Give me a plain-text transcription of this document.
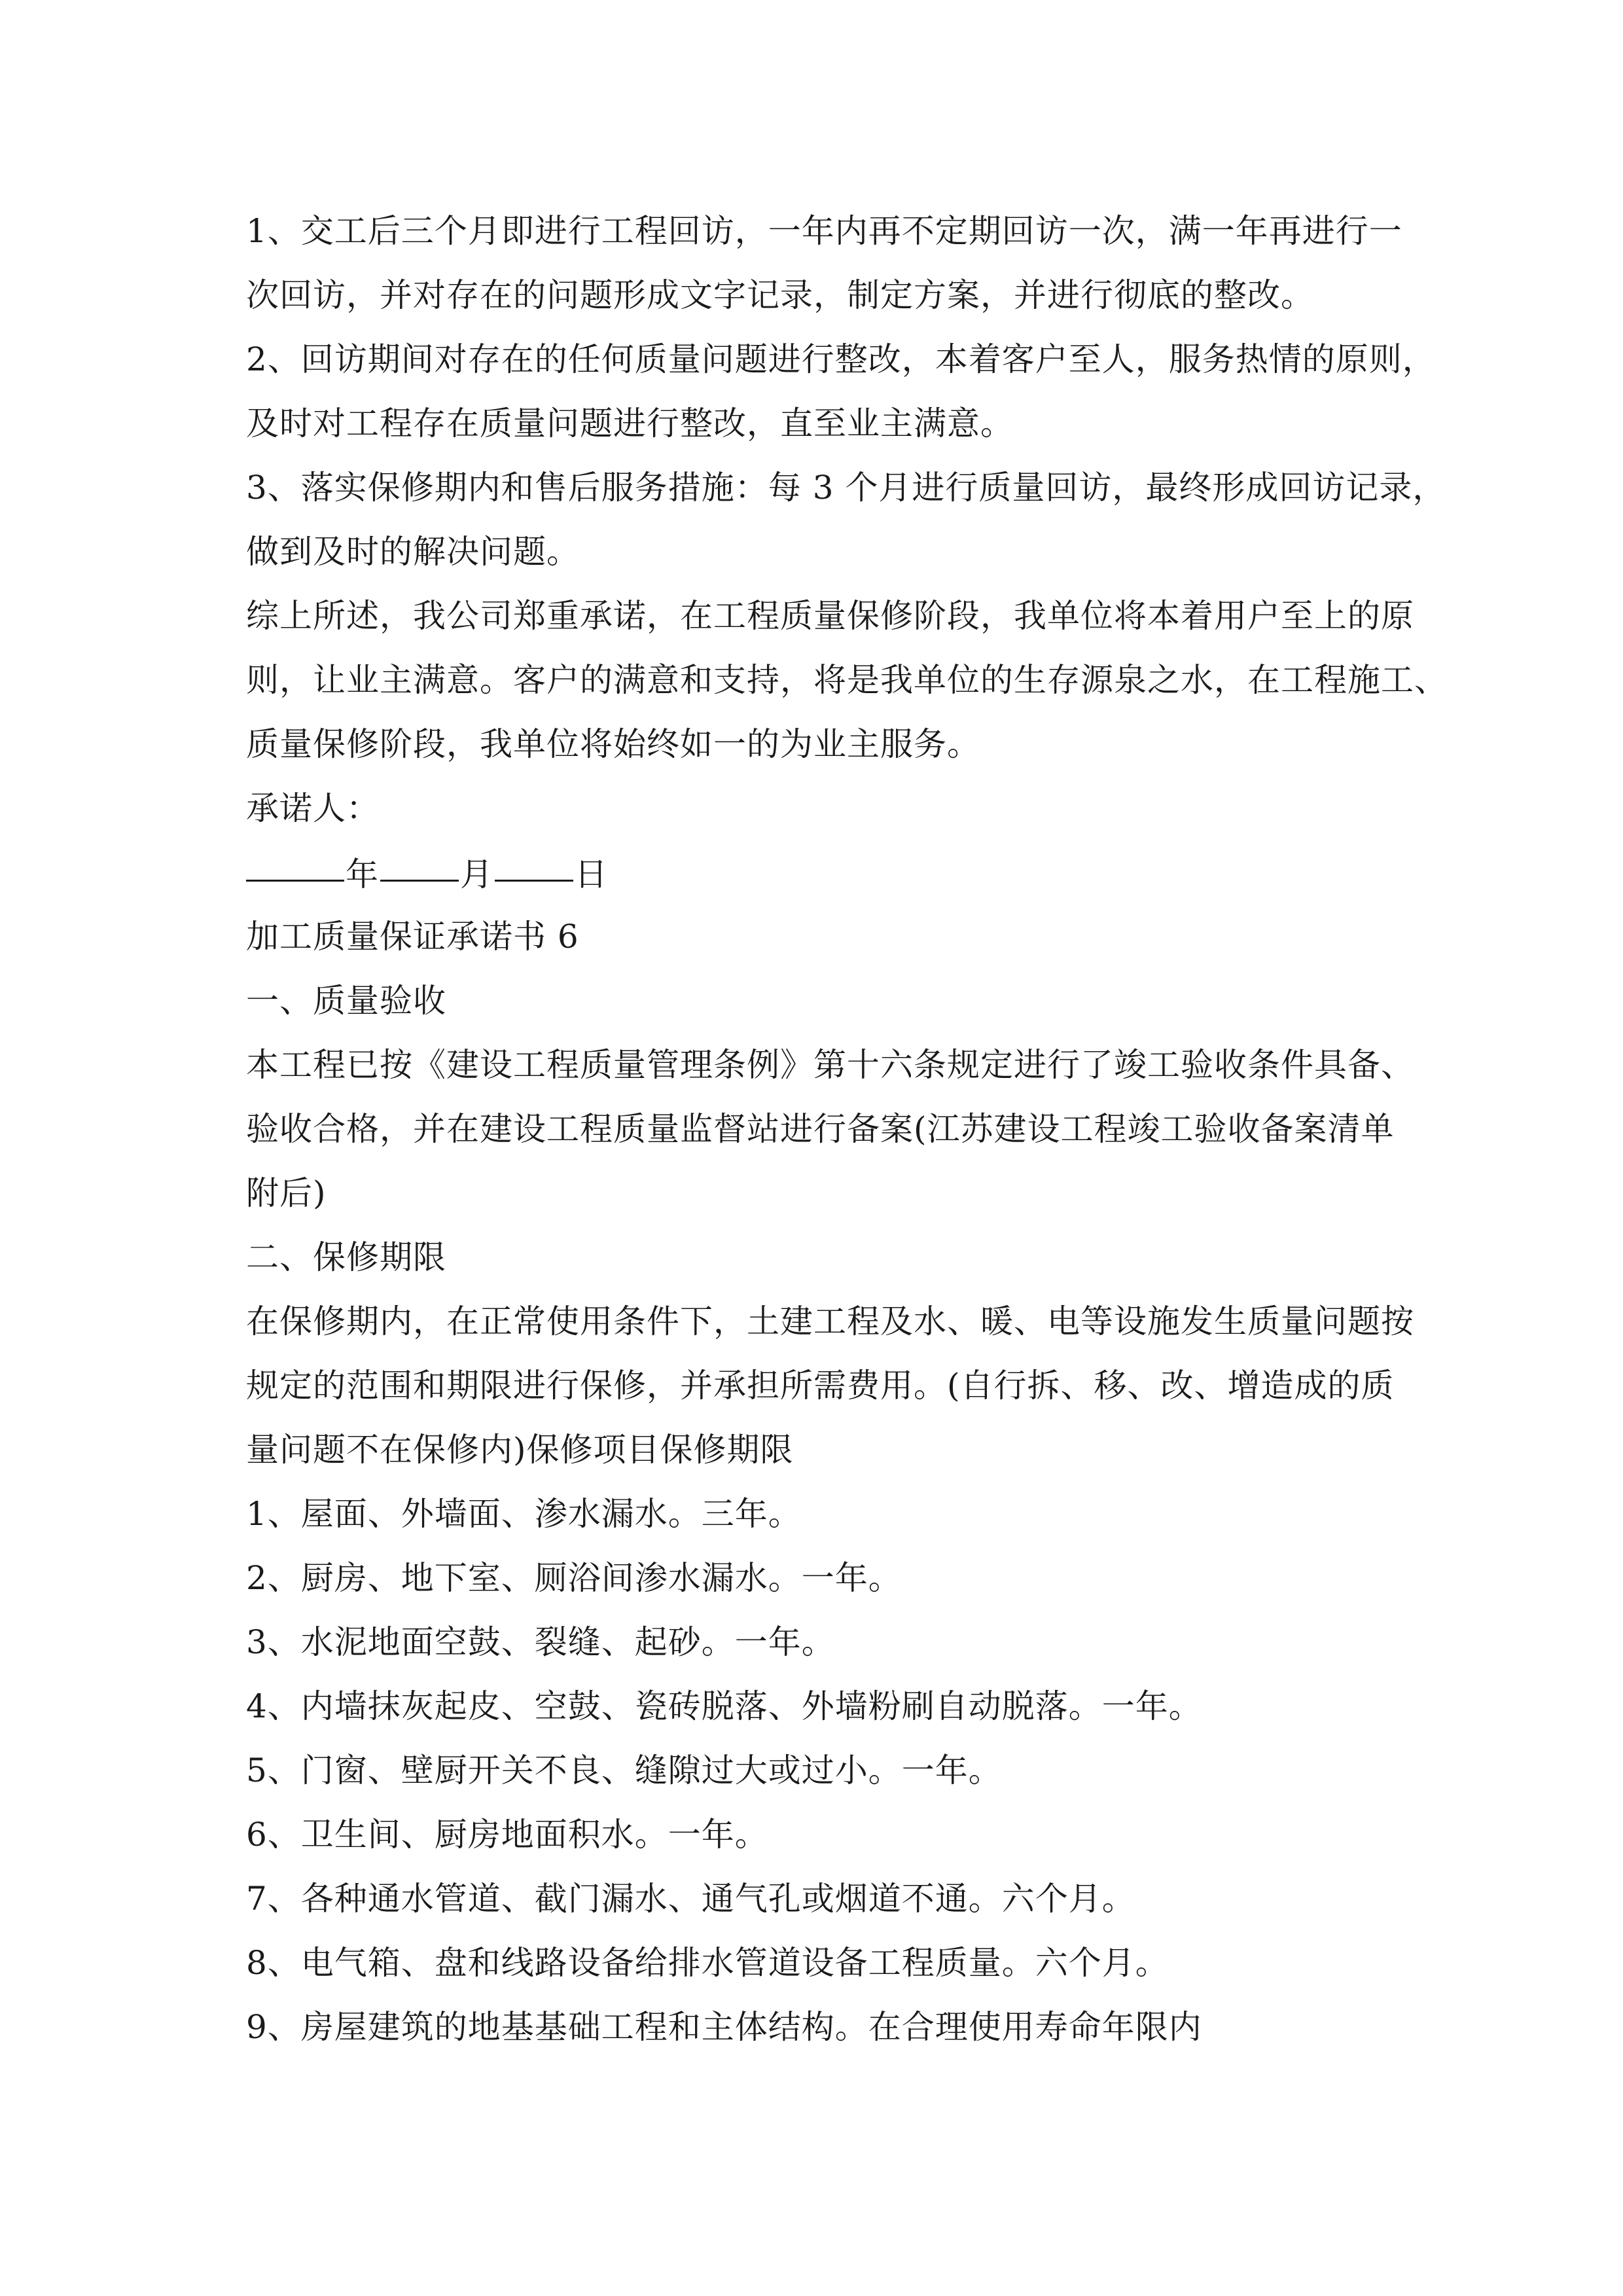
1、交工后三个月即进行工程回访，一年内再不定期回访一次，满一年再进行一
次回访，并对存在的问题形成文字记录，制定方案，并进行彻底的整改。
2、回访期间对存在的任何质量问题进行整改，本着客户至人，服务热情的原则，
及时对工程存在质量问题进行整改，直至业主满意。
3、落实保修期内和售后服务措施：每 3 个月进行质量回访，最终形成回访记录，
做到及时的解决问题。
综上所述，我公司郑重承诺，在工程质量保修阶段，我单位将本着用户至上的原
则，让业主满意。客户的满意和支持，将是我单位的生存源泉之水，在工程施工、
质量保修阶段，我单位将始终如一的为业主服务。
承诺人：
年 月 日
加工质量保证承诺书 6
一、质量验收
本工程已按《建设工程质量管理条例》第十六条规定进行了竣工验收条件具备、
验收合格，并在建设工程质量监督站进行备案(江苏建设工程竣工验收备案清单
附后)
二、保修期限
在保修期内，在正常使用条件下，土建工程及水、暖、电等设施发生质量问题按
规定的范围和期限进行保修，并承担所需费用。(自行拆、移、改、增造成的质
量问题不在保修内)保修项目保修期限
1、屋面、外墙面、渗水漏水。三年。
2、厨房、地下室、厕浴间渗水漏水。一年。
3、水泥地面空鼓、裂缝、起砂。一年。
4、内墙抹灰起皮、空鼓、瓷砖脱落、外墙粉刷自动脱落。一年。
5、门窗、壁厨开关不良、缝隙过大或过小。一年。
6、卫生间、厨房地面积水。一年。
7、各种通水管道、截门漏水、通气孔或烟道不通。六个月。
8、电气箱、盘和线路设备给排水管道设备工程质量。六个月。
9、房屋建筑的地基基础工程和主体结构。在合理使用寿命年限内
